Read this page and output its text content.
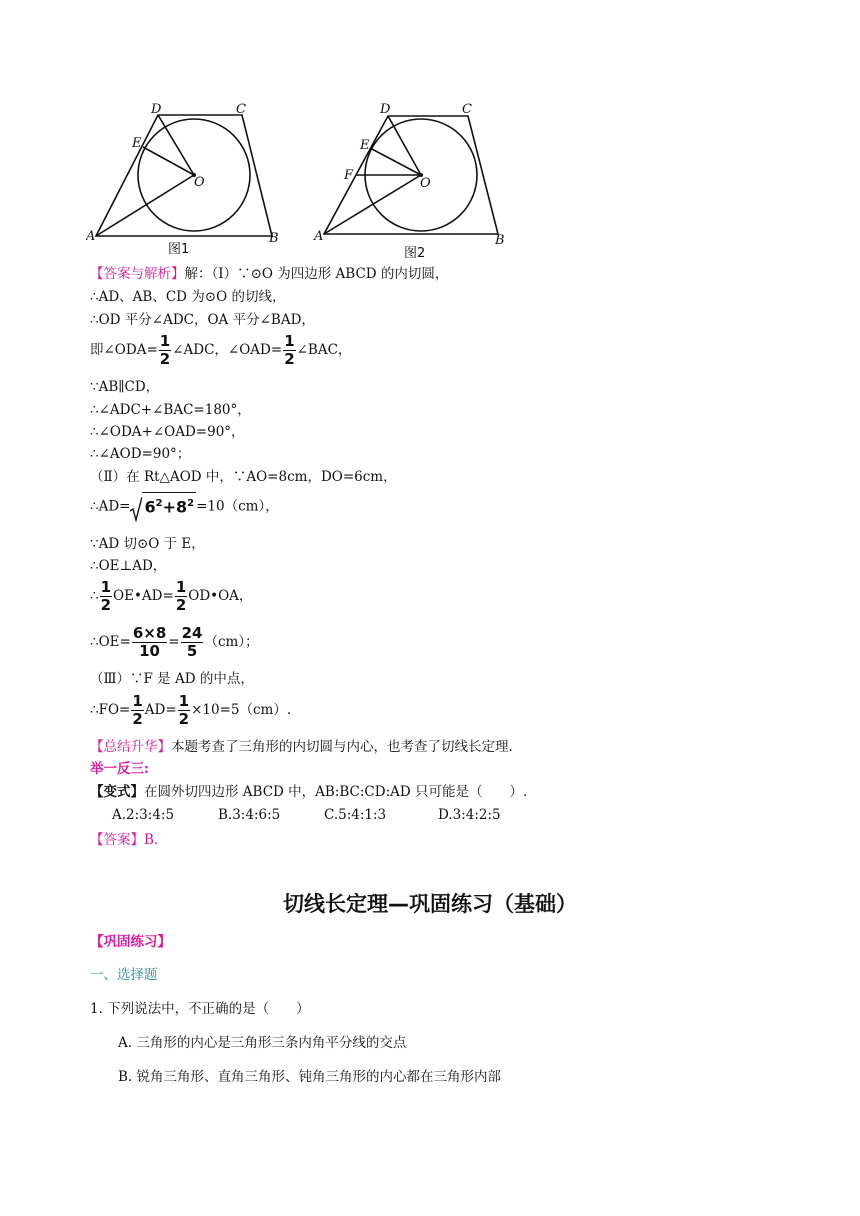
D	C
E
O
A	B
图1
D	C
E
F
O
A	B
图2
【答案与解析】解：（Ⅰ）∵⊙O 为四边形 ABCD 的内切圆，
∴AD、AB、CD 为⊙O 的切线，
∴OD 平分∠ADC，OA 平分∠BAD，
即∠ODA= $\frac{1}{2}$ ∠ADC，∠OAD= $\frac{1}{2}$ ∠BAC，
∵AB∥CD，
∴∠ADC+∠BAC=180°，
∴∠ODA+∠OAD=90°，
∴∠AOD=90°；
（Ⅱ）在 Rt△AOD 中，∵AO=8cm，DO=6cm，
∴AD= $6^2+8^2 =10(cm)$，
∵AD 切⊙O 于 E，
∴OE⊥AD，
∴ $\frac{1}{2}$ OE•AD= $\frac{1}{2}$ OD•OA，
∴OE= $\frac{6\times 8}{10} = \frac{24}{5} (cm)$；
（Ⅲ）∵F 是 AD 的中点，
∴FO= $\frac{1}{2} AD= \frac{1}{2} \times 10=5(cm)$.
【总结升华】本题考查了三角形的内切圆与内心，也考查了切线长定理.
举一反三:
【变式】在圆外切四边形 ABCD 中，AB:BC:CD:AD 只可能是（　　）.
A.2:3:4:5	B.3:4:6:5	C.5:4:1:3	D.3:4:2:5
【答案】B.
切线长定理—巩固练习（基础）
【巩固练习】
一、选择题
1. 下列说法中，不正确的是（　　）
A. 三角形的内心是三角形三条内角平分线的交点
B. 锐角三角形、直角三角形、钝角三角形的内心都在三角形内部
